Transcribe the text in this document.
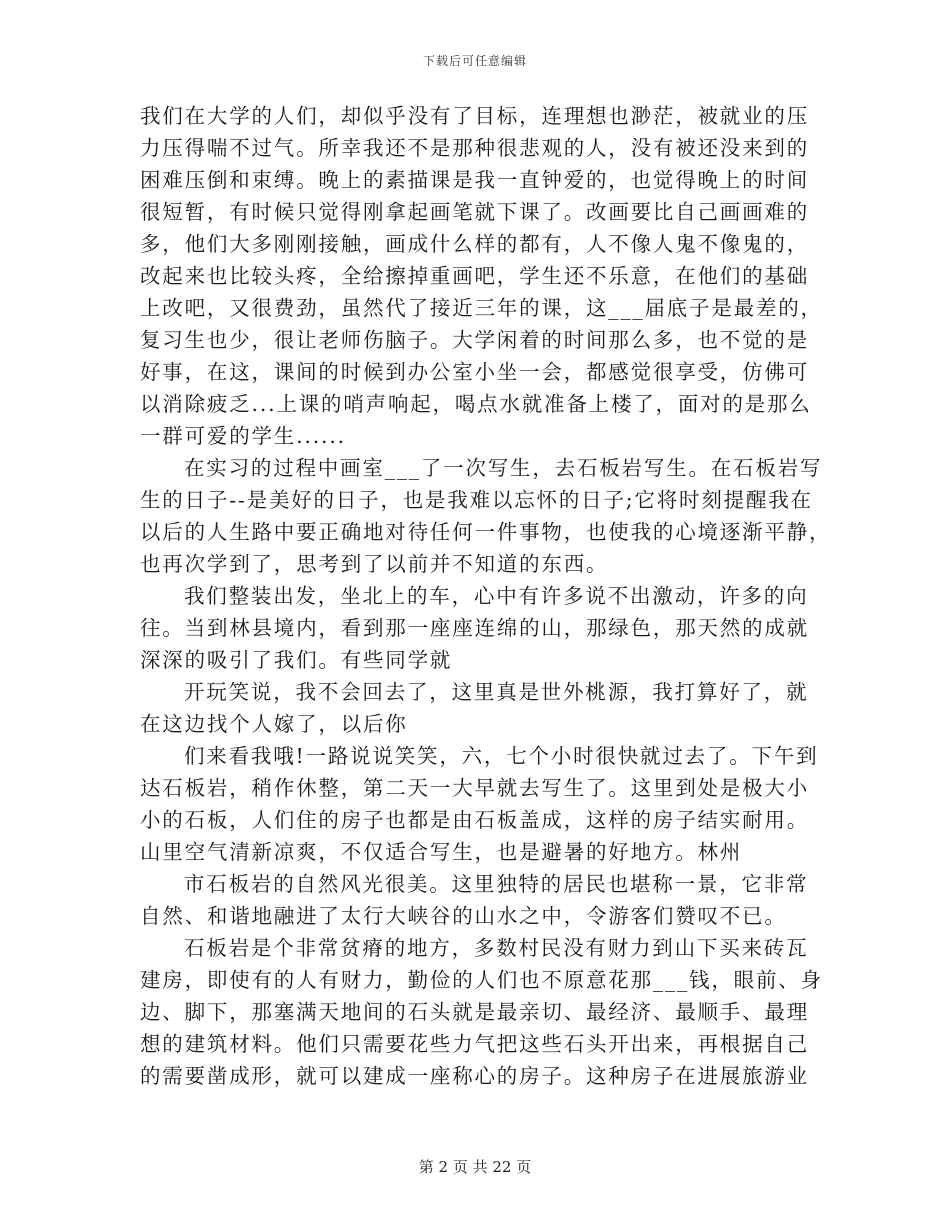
下载后可任意编辑
我们在大学的人们，却似乎没有了目标，连理想也渺茫，被就业的压
力压得喘不过气。所幸我还不是那种很悲观的人，没有被还没来到的
困难压倒和束缚。晚上的素描课是我一直钟爱的，也觉得晚上的时间
很短暂，有时候只觉得刚拿起画笔就下课了。改画要比自己画画难的
多，他们大多刚刚接触，画成什么样的都有，人不像人鬼不像鬼的，
改起来也比较头疼，全给擦掉重画吧，学生还不乐意，在他们的基础
上改吧，又很费劲，虽然代了接近三年的课，这___届底子是最差的，
复习生也少，很让老师伤脑子。大学闲着的时间那么多，也不觉的是
好事，在这，课间的时候到办公室小坐一会，都感觉很享受，仿佛可
以消除疲乏...上课的哨声响起，喝点水就准备上楼了，面对的是那么
一群可爱的学生......
在实习的过程中画室___了一次写生，去石板岩写生。在石板岩写
生的日子--是美好的日子，也是我难以忘怀的日子;它将时刻提醒我在
以后的人生路中要正确地对待任何一件事物，也使我的心境逐渐平静，
也再次学到了，思考到了以前并不知道的东西。
我们整装出发，坐北上的车，心中有许多说不出激动，许多的向
往。当到林县境内，看到那一座座连绵的山，那绿色，那天然的成就
深深的吸引了我们。有些同学就
开玩笑说，我不会回去了，这里真是世外桃源，我打算好了，就
在这边找个人嫁了，以后你
们来看我哦!一路说说笑笑，六，七个小时很快就过去了。下午到
达石板岩，稍作休整，第二天一大早就去写生了。这里到处是极大小
小的石板，人们住的房子也都是由石板盖成，这样的房子结实耐用。
山里空气清新凉爽，不仅适合写生，也是避暑的好地方。林州
市石板岩的自然风光很美。这里独特的居民也堪称一景，它非常
自然、和谐地融进了太行大峡谷的山水之中，令游客们赞叹不已。
石板岩是个非常贫瘠的地方，多数村民没有财力到山下买来砖瓦
建房，即使有的人有财力，勤俭的人们也不原意花那___钱，眼前、身
边、脚下，那塞满天地间的石头就是最亲切、最经济、最顺手、最理
想的建筑材料。他们只需要花些力气把这些石头开出来，再根据自己
的需要凿成形，就可以建成一座称心的房子。这种房子在进展旅游业
第 2 页 共 22 页
